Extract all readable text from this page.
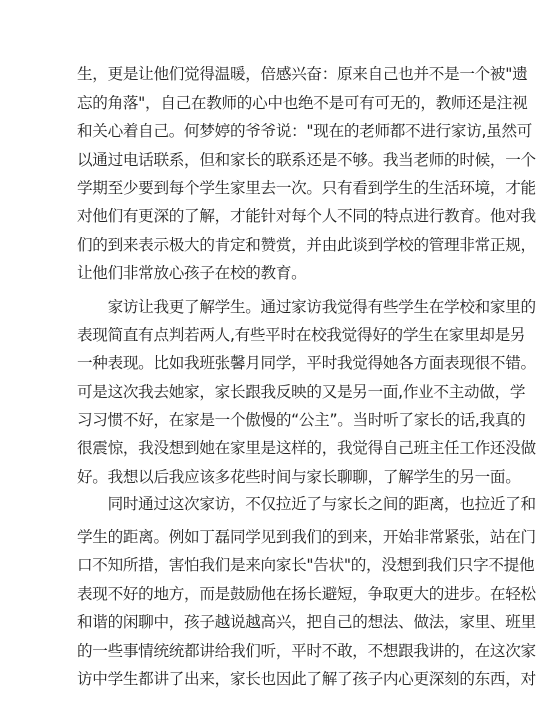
生，更是让他们觉得温暖，倍感兴奋：原来自己也并不是一个被"遗
忘的角落"，自己在教师的心中也绝不是可有可无的，教师还是注视
和关心着自己。何梦婷的爷爷说："现在的老师都不进行家访,虽然可
以通过电话联系，但和家长的联系还是不够。我当老师的时候，一个
学期至少要到每个学生家里去一次。只有看到学生的生活环境，才能
对他们有更深的了解，才能针对每个人不同的特点进行教育。他对我
们的到来表示极大的肯定和赞赏，并由此谈到学校的管理非常正规，
让他们非常放心孩子在校的教育。
　　家访让我更了解学生。通过家访我觉得有些学生在学校和家里的
表现简直有点判若两人,有些平时在校我觉得好的学生在家里却是另
一种表现。比如我班张馨月同学，平时我觉得她各方面表现很不错。
可是这次我去她家，家长跟我反映的又是另一面,作业不主动做，学
习习惯不好，在家是一个傲慢的“公主”。当时听了家长的话,我真的
很震惊，我没想到她在家里是这样的，我觉得自己班主任工作还没做
好。我想以后我应该多花些时间与家长聊聊，了解学生的另一面。
　　同时通过这次家访，不仅拉近了与家长之间的距离，也拉近了和
学生的距离。例如丁磊同学见到我们的到来，开始非常紧张，站在门
口不知所措，害怕我们是来向家长"告状"的，没想到我们只字不提他
表现不好的地方，而是鼓励他在扬长避短，争取更大的进步。在轻松
和谐的闲聊中，孩子越说越高兴，把自己的想法、做法，家里、班里
的一些事情统统都讲给我们听，平时不敢，不想跟我讲的，在这次家
访中学生都讲了出来，家长也因此了解了孩子内心更深刻的东西，对
